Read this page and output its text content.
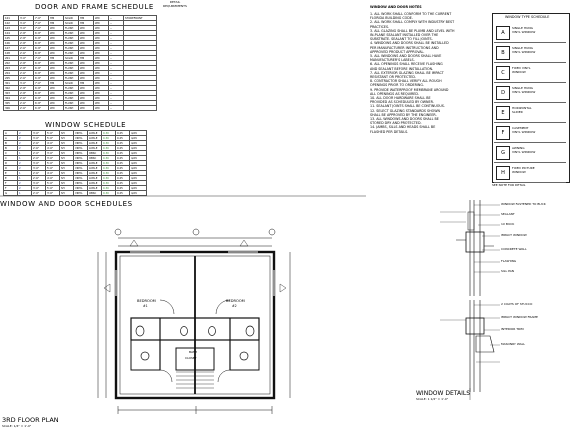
DOOR AND FRAME SCHEDULE
DETAIL
REQUIREMENTS
101	3'-0"	7'-0"	HM	SOLID	HM	WD	--	STOREFRONT
102	3'-0"	7'-0"	HM	SOLID	HM	WD	--	
103	3'-0"	7'-0"	WD	FLUSH	WD	WD	--	
104	2'-8"	6'-8"	WD	FLUSH	WD	WD	--	
105	2'-8"	6'-8"	WD	FLUSH	WD	WD	--	
106	2'-8"	6'-8"	WD	FLUSH	WD	WD	--	
107	2'-6"	6'-8"	WD	FLUSH	WD	WD	--	
108	2'-6"	6'-8"	WD	FLUSH	WD	WD	--	
201	3'-0"	7'-0"	HM	SOLID	HM	WD	--	
202	2'-8"	6'-8"	WD	FLUSH	WD	WD	--	
203	2'-8"	6'-8"	WD	FLUSH	WD	WD	--	
204	2'-6"	6'-8"	WD	FLUSH	WD	WD	--	
205	2'-6"	6'-8"	WD	FLUSH	WD	WD	--	
301	3'-0"	7'-0"	HM	SOLID	HM	WD	--	
302	2'-8"	6'-8"	WD	FLUSH	WD	WD	--	
303	2'-8"	6'-8"	WD	FLUSH	WD	WD	--	
304	2'-6"	6'-8"	WD	FLUSH	WD	WD	--	
305	2'-6"	6'-8"	WD	FLUSH	WD	WD	--	
306	2'-6"	6'-8"	WD	FLUSH	WD	WD	--	
WINDOW SCHEDULE
A	2	3'-0"	5'-0"	SH	VINYL	LOW-E	0.30	0.25	4/A5
A	2	3'-0"	5'-0"	SH	VINYL	LOW-E	0.30	0.25	4/A5
B	2	2'-6"	4'-0"	SH	VINYL	LOW-E	0.30	0.25	4/A5
B	2	2'-6"	4'-0"	SH	VINYL	LOW-E	0.30	0.25	4/A5
C	1	2'-0"	3'-0"	SH	VINYL	OBSC	0.30	0.25	4/A5
C	1	2'-0"	3'-0"	SH	VINYL	OBSC	0.30	0.25	4/A5
D	2	3'-0"	5'-0"	SH	VINYL	LOW-E	0.30	0.25	4/A5
D	2	3'-0"	5'-0"	SH	VINYL	LOW-E	0.30	0.25	4/A5
E	1	2'-6"	4'-0"	SH	VINYL	LOW-E	0.30	0.25	4/A5
E	1	2'-6"	4'-0"	SH	VINYL	LOW-E	0.30	0.25	4/A5
F	2	3'-0"	5'-0"	SH	VINYL	LOW-E	0.30	0.25	4/A5
F	2	3'-0"	5'-0"	SH	VINYL	LOW-E	0.30	0.25	4/A5
G	1	2'-0"	3'-0"	SH	VINYL	OBSC	0.30	0.25	4/A5
WINDOW AND DOOR NOTES
1. ALL WORK SHALL CONFORM TO THE CURRENT
FLORIDA BUILDING CODE.
2. ALL WORK SHALL COMPLY WITH INDUSTRY BEST
PRACTICES.
3. ALL GLAZING SHALL BE PLUMB AND LEVEL WITH
IN-PLANE SEALANT INSTALLED OVER THE
SUBSTRATE. SEALANT TO FILL JOINTS.
4. WINDOWS AND DOORS SHALL BE INSTALLED
PER MANUFACTURER INSTRUCTIONS AND
APPROVED PRODUCT APPROVAL.
5. ALL WINDOWS AND DOORS SHALL HAVE
MANUFACTURER'S LABELS.
6. ALL OPENINGS SHALL RECEIVE FLASHING
AND SEALANT BEFORE INSTALLATION.
7. ALL EXTERIOR GLAZING SHALL BE IMPACT
RESISTANT OR PROTECTED.
8. CONTRACTOR SHALL VERIFY ALL ROUGH
OPENINGS PRIOR TO ORDERING.
9. PROVIDE WATERPROOF MEMBRANE AROUND
ALL OPENINGS AS REQUIRED.
10. ALL DOOR HARDWARE SHALL BE
PROVIDED AS SCHEDULED BY OWNER.
11. SEALANT JOINTS SHALL BE CONTINUOUS.
12. SELECT GLAZING STANDARDS SHOWN
SHALL BE APPROVED BY THE ENGINEER.
13. ALL WINDOWS AND DOORS SHALL BE
STORED DRY AND PROTECTED.
14. JAMBS, SILLS AND HEADS SHALL BE
FLASHED PER DETAILS.
WINDOW TYPE SCHEDULE
A
SINGLE HUNG
VINYL WINDOW
B
SINGLE HUNG
VINYL WINDOW
C
FIXED VINYL
WINDOW
D
SINGLE HUNG
VINYL WINDOW
E
HORIZONTAL
SLIDER
F
CASEMENT
VINYL WINDOW
G
AWNING
VINYL WINDOW
H
FIXED PICTURE
WINDOW
SEE NOTE FOR DETAIL
WINDOW AND DOOR SCHEDULES
BEDROOM
#1
BEDROOM
#2
BATH
CLOSET
3RD FLOOR PLAN
SCALE: 1/4" = 1'-0"
WINDOW DETAILS
SCALE: 1 1/2" = 1'-0"
WINDOW FASTENED TO BUCK
SEALANT
1X BUCK
IMPACT WINDOW
CONCRETE WALL
FLASHING
SILL PAN
2 COATS OF STUCCO
IMPACT WINDOW FRAME
INTERIOR TRIM
MASONRY WALL
